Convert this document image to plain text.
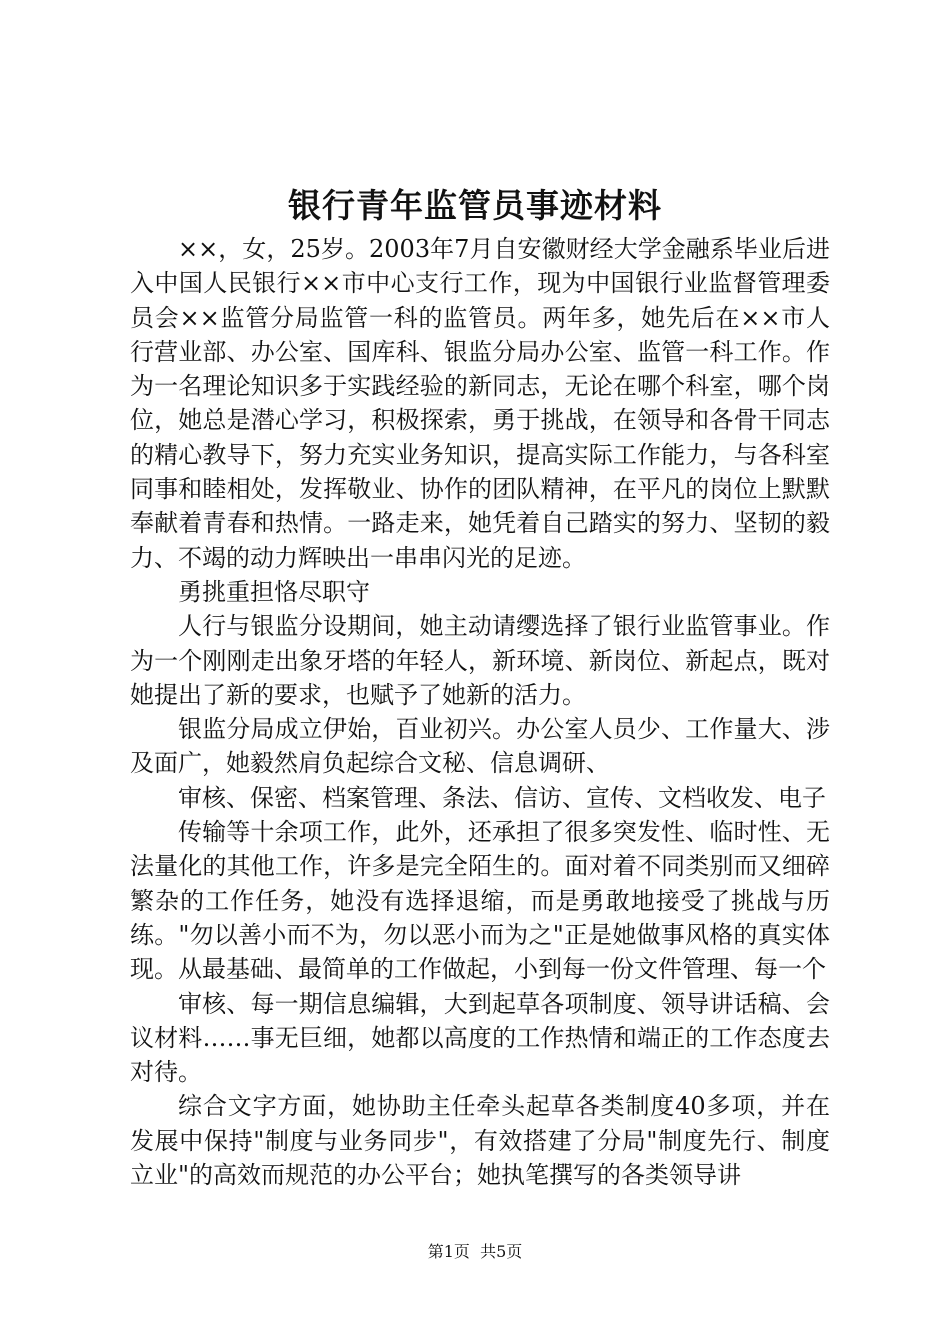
银行青年监管员事迹材料

××，女，25岁。2003年7月自安徽财经大学金融系毕业后进入中国人民银行××市中心支行工作，现为中国银行业监督管理委员会××监管分局监管一科的监管员。两年多，她先后在××市人行营业部、办公室、国库科、银监分局办公室、监管一科工作。作为一名理论知识多于实践经验的新同志，无论在哪个科室，哪个岗位，她总是潜心学习，积极探索，勇于挑战，在领导和各骨干同志的精心教导下，努力充实业务知识，提高实际工作能力，与各科室同事和睦相处，发挥敬业、协作的团队精神，在平凡的岗位上默默奉献着青春和热情。一路走来，她凭着自己踏实的努力、坚韧的毅力、不竭的动力辉映出一串串闪光的足迹。

勇挑重担恪尽职守

人行与银监分设期间，她主动请缨选择了银行业监管事业。作为一个刚刚走出象牙塔的年轻人，新环境、新岗位、新起点，既对她提出了新的要求，也赋予了她新的活力。

银监分局成立伊始，百业初兴。办公室人员少、工作量大、涉及面广，她毅然肩负起综合文秘、信息调研、

审核、保密、档案管理、条法、信访、宣传、文档收发、电子

传输等十余项工作，此外，还承担了很多突发性、临时性、无法量化的其他工作，许多是完全陌生的。面对着不同类别而又细碎繁杂的工作任务，她没有选择退缩，而是勇敢地接受了挑战与历练。"勿以善小而不为，勿以恶小而为之"正是她做事风格的真实体现。从最基础、最简单的工作做起，小到每一份文件管理、每一个

审核、每一期信息编辑，大到起草各项制度、领导讲话稿、会议材料……事无巨细，她都以高度的工作热情和端正的工作态度去对待。

综合文字方面，她协助主任牵头起草各类制度40多项，并在发展中保持"制度与业务同步"，有效搭建了分局"制度先行、制度立业"的高效而规范的办公平台；她执笔撰写的各类领导讲

第1页 共5页
